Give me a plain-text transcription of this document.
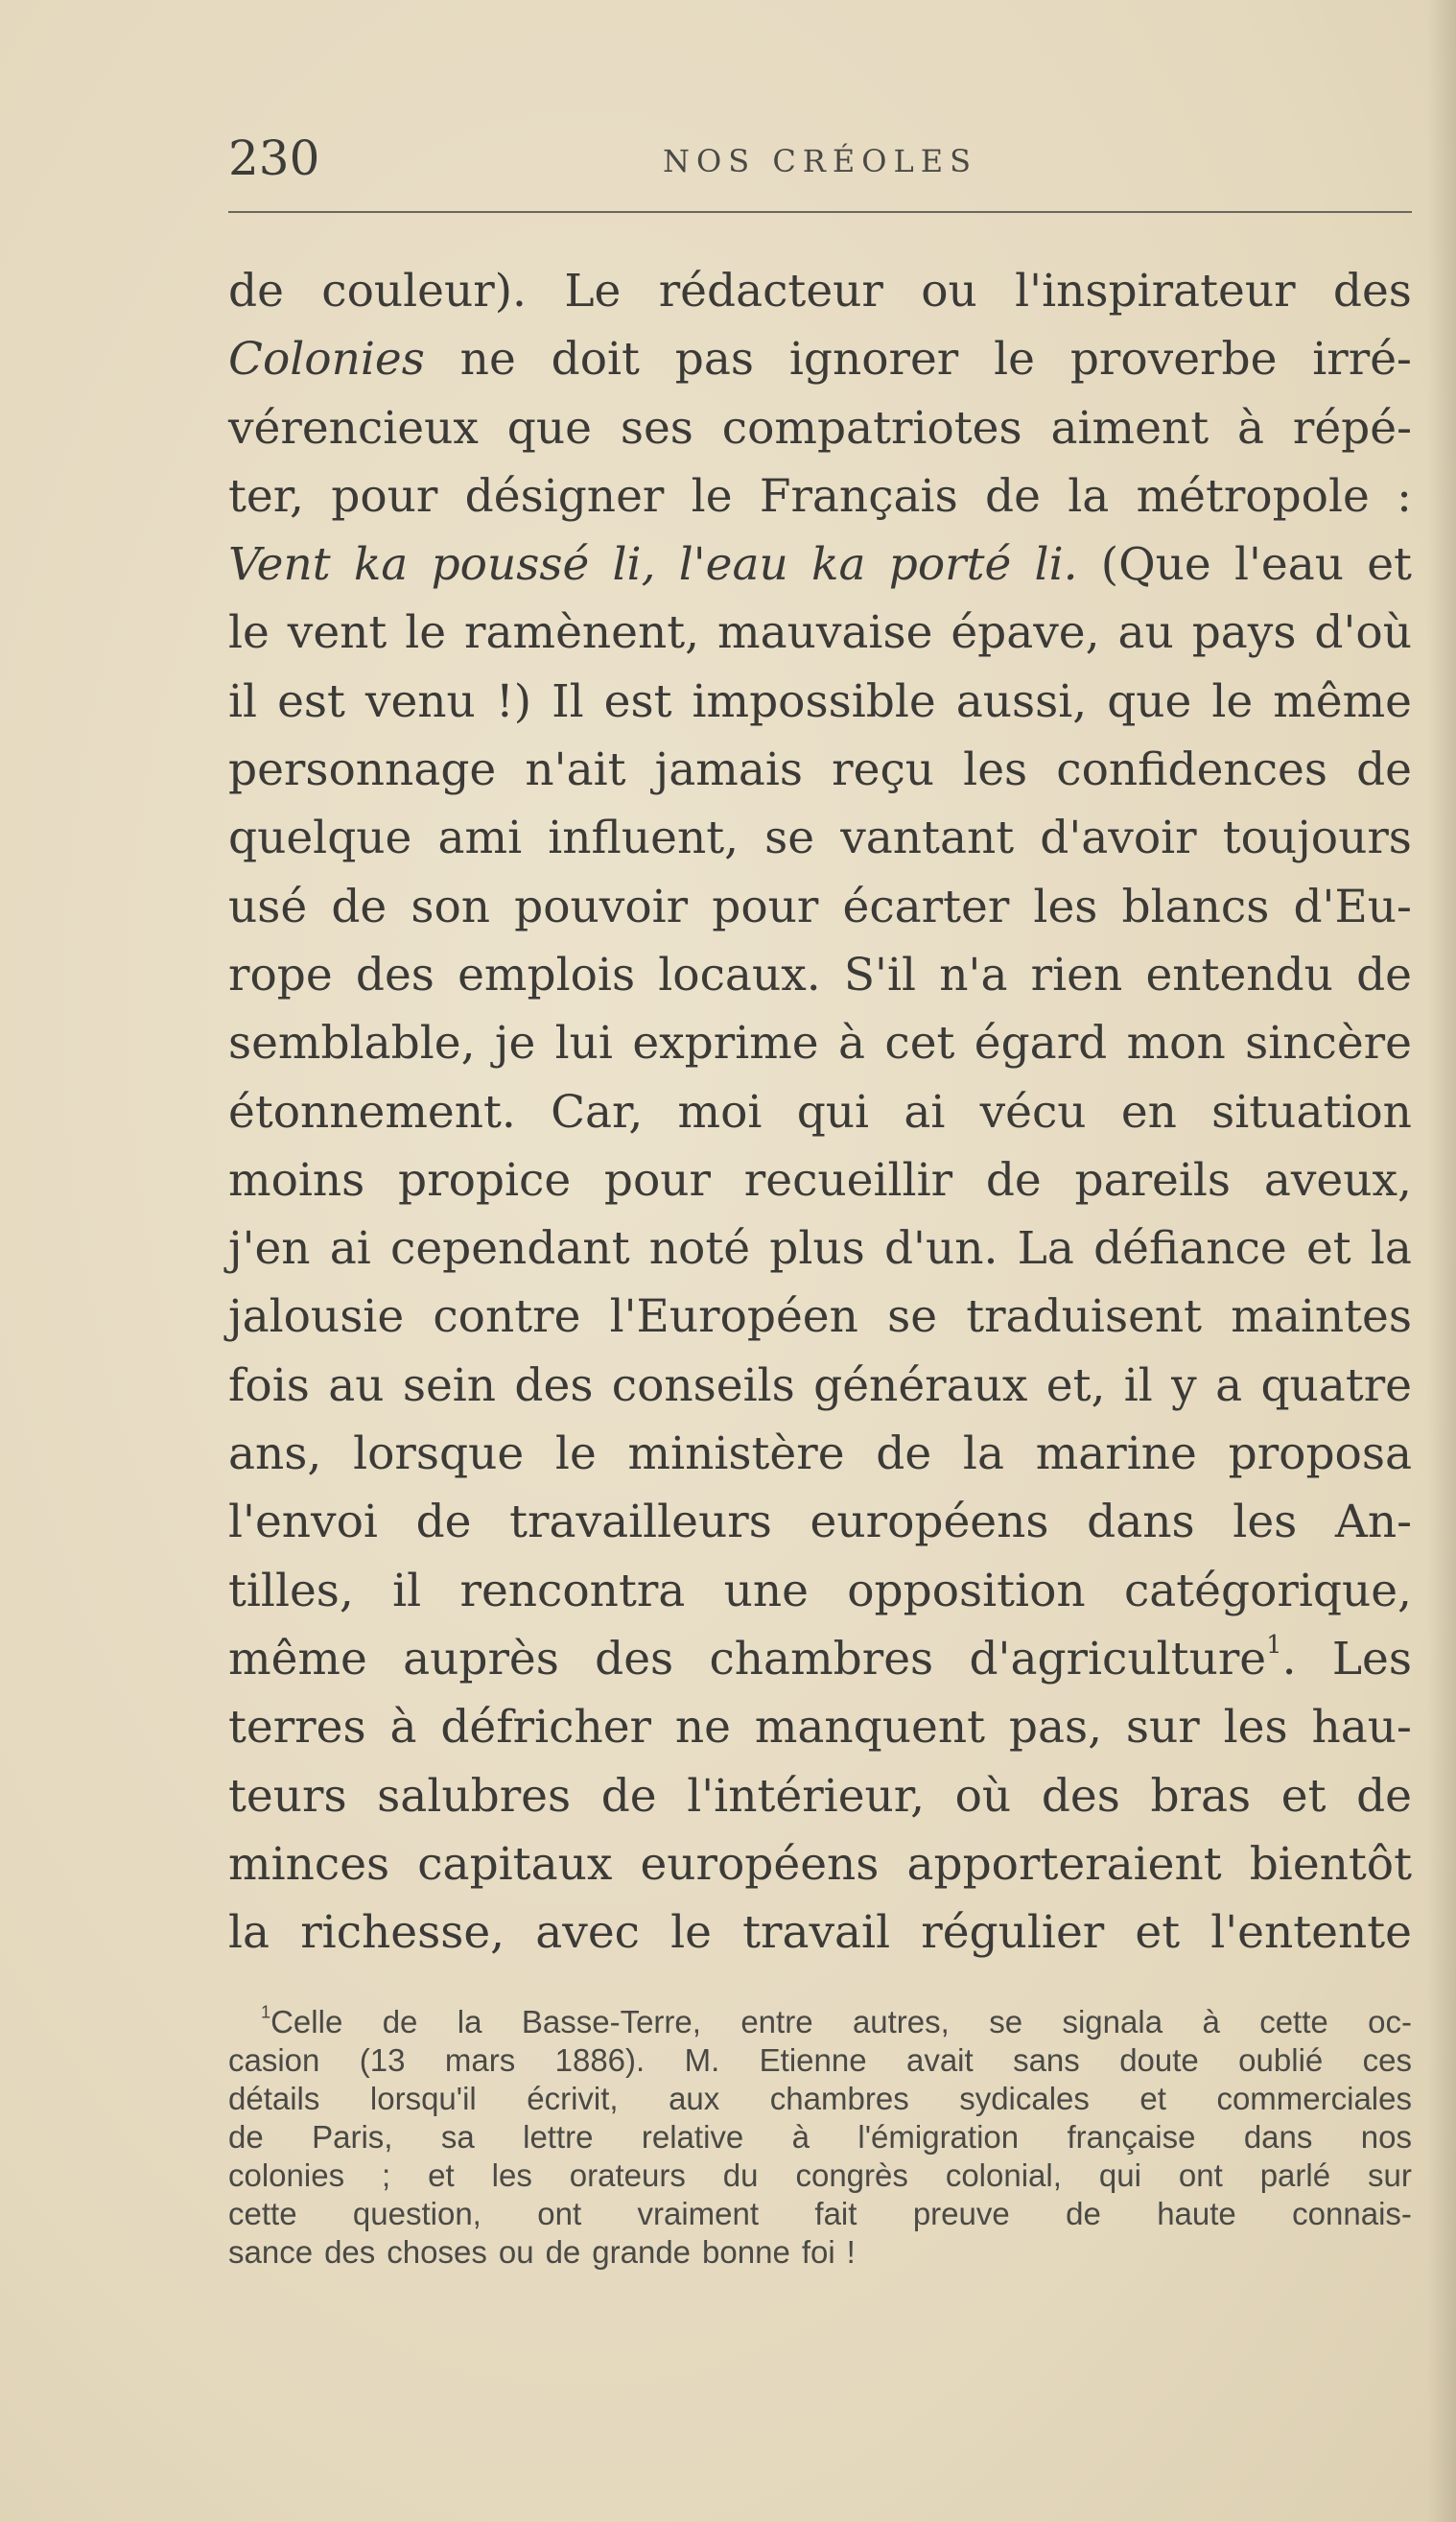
230	NOS CRÉOLES
de couleur). Le rédacteur ou l'inspirateur des
Colonies ne doit pas ignorer le proverbe irré-
vérencieux que ses compatriotes aiment à répé-
ter, pour désigner le Français de la métropole :
Vent ka poussé li, l'eau ka porté li. (Que l'eau et
le vent le ramènent, mauvaise épave, au pays d'où
il est venu !) Il est impossible aussi, que le même
personnage n'ait jamais reçu les confidences de
quelque ami influent, se vantant d'avoir toujours
usé de son pouvoir pour écarter les blancs d'Eu-
rope des emplois locaux. S'il n'a rien entendu de
semblable, je lui exprime à cet égard mon sincère
étonnement. Car, moi qui ai vécu en situation
moins propice pour recueillir de pareils aveux,
j'en ai cependant noté plus d'un. La défiance et la
jalousie contre l'Européen se traduisent maintes
fois au sein des conseils généraux et, il y a quatre
ans, lorsque le ministère de la marine proposa
l'envoi de travailleurs européens dans les An-
tilles, il rencontra une opposition catégorique,
même auprès des chambres d'agriculture$^1$. Les
terres à défricher ne manquent pas, sur les hau-
teurs salubres de l'intérieur, où des bras et de
minces capitaux européens apporteraient bientôt
la richesse, avec le travail régulier et l'entente
$^1$Celle de la Basse-Terre, entre autres, se signala à cette oc-
casion (13 mars 1886). M. Etienne avait sans doute oublié ces
détails lorsqu'il écrivit, aux chambres sydicales et commerciales
de Paris, sa lettre relative à l'émigration française dans nos
colonies ; et les orateurs du congrès colonial, qui ont parlé sur
cette question, ont vraiment fait preuve de haute connais-
sance des choses ou de grande bonne foi !
